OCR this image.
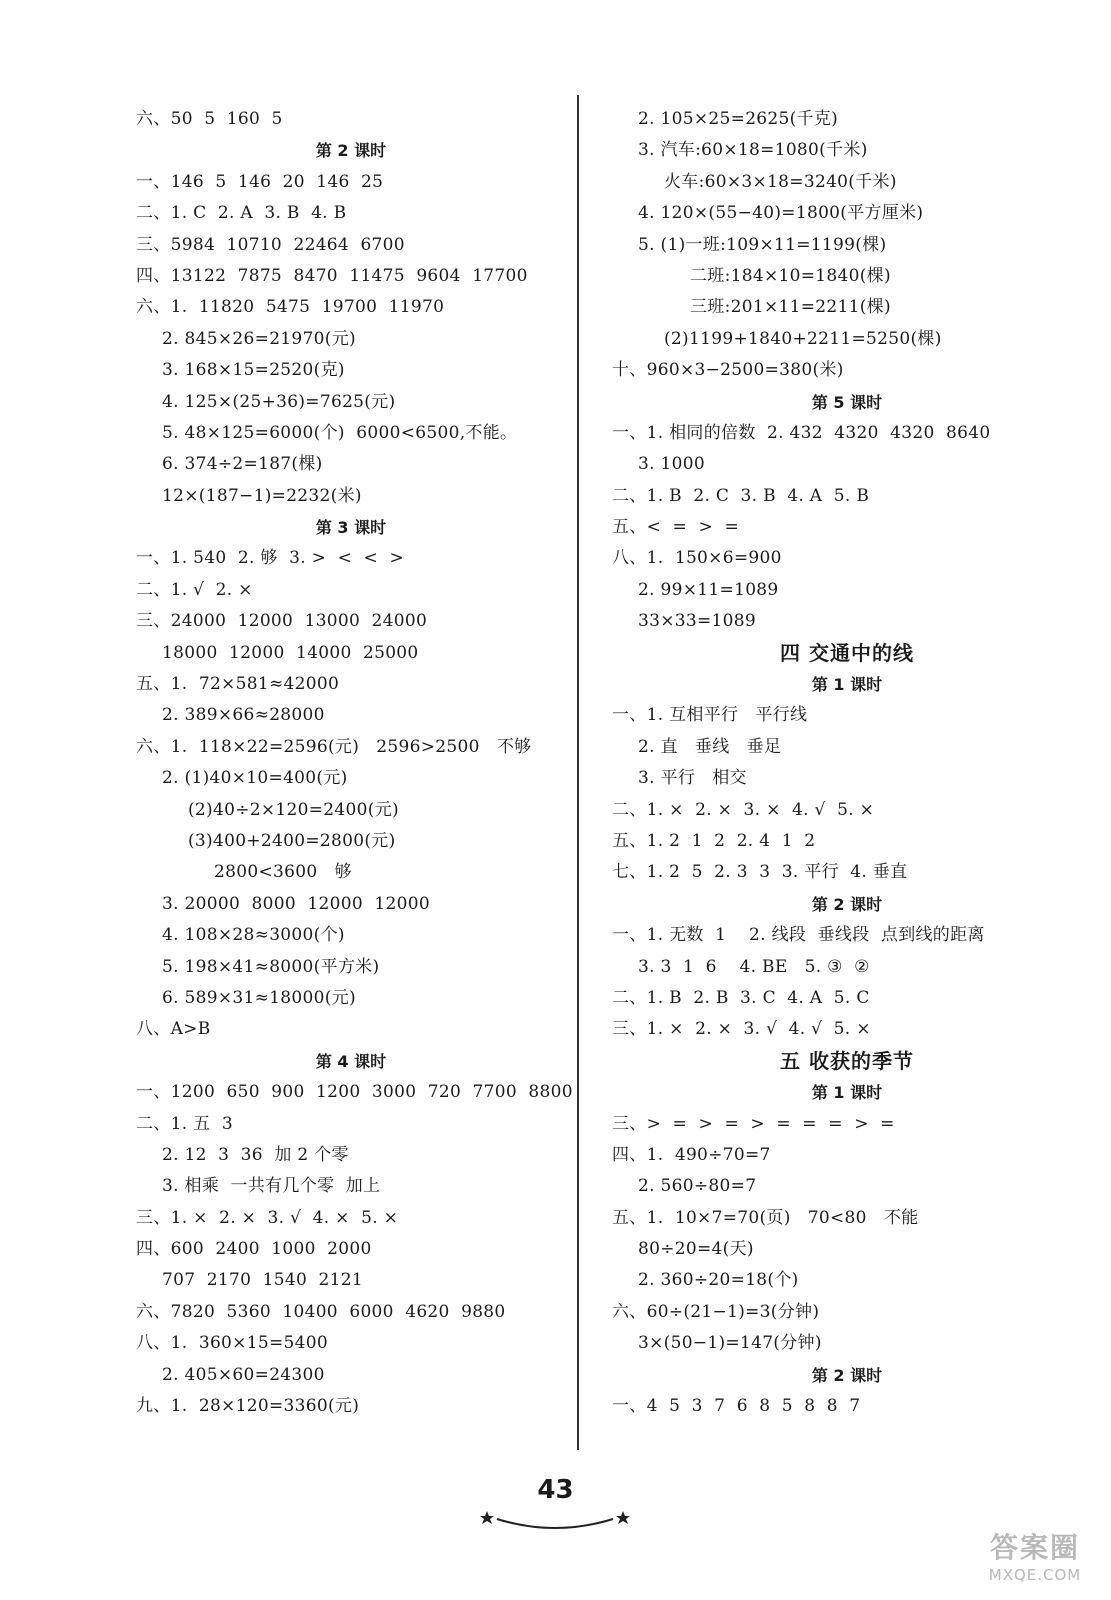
六、50  5  160  5
第 2 课时
一、146  5  146  20  146  25
二、1. C  2. A  3. B  4. B
三、5984  10710  22464  6700
四、13122  7875  8470  11475  9604  17700
六、1.  11820  5475  19700  11970
2. 845×26=21970(元)
3. 168×15=2520(克)
4. 125×(25+36)=7625(元)
5. 48×125=6000(个)  6000<6500,不能。
6. 374÷2=187(棵)
12×(187−1)=2232(米)
第 3 课时
一、1. 540  2. 够  3. >  <  <  >
二、1. √  2. ×
三、24000  12000  13000  24000
18000  12000  14000  25000
五、1.  72×581≈42000
2. 389×66≈28000
六、1.  118×22=2596(元)   2596>2500   不够
2. (1)40×10=400(元)
(2)40÷2×120=2400(元)
(3)400+2400=2800(元)
2800<3600   够
3. 20000  8000  12000  12000
4. 108×28≈3000(个)
5. 198×41≈8000(平方米)
6. 589×31≈18000(元)
八、A>B
第 4 课时
一、1200  650  900  1200  3000  720  7700  8800
二、1. 五  3
2. 12  3  36  加 2 个零
3. 相乘  一共有几个零  加上
三、1. ×  2. ×  3. √  4. ×  5. ×
四、600  2400  1000  2000
707  2170  1540  2121
六、7820  5360  10400  6000  4620  9880
八、1.  360×15=5400
2. 405×60=24300
九、1.  28×120=3360(元)
2. 105×25=2625(千克)
3. 汽车:60×18=1080(千米)
火车:60×3×18=3240(千米)
4. 120×(55−40)=1800(平方厘米)
5. (1)一班:109×11=1199(棵)
二班:184×10=1840(棵)
三班:201×11=2211(棵)
(2)1199+1840+2211=5250(棵)
十、960×3−2500=380(米)
第 5 课时
一、1. 相同的倍数  2. 432  4320  4320  8640
3. 1000
二、1. B  2. C  3. B  4. A  5. B
五、<  =  >  =
八、1.  150×6=900
2. 99×11=1089
33×33=1089
四 交通中的线
第 1 课时
一、1. 互相平行   平行线
2. 直   垂线   垂足
3. 平行   相交
二、1. ×  2. ×  3. ×  4. √  5. ×
五、1. 2  1  2  2. 4  1  2
七、1. 2  5  2. 3  3  3. 平行  4. 垂直
第 2 课时
一、1. 无数  1    2. 线段  垂线段  点到线的距离
3. 3  1  6    4. BE   5. ③  ②
二、1. B  2. B  3. C  4. A  5. C
三、1. ×  2. ×  3. √  4. √  5. ×
五 收获的季节
第 1 课时
三、>  =  >  =  >  =  =  =  >  =
四、1.  490÷70=7
2. 560÷80=7
五、1.  10×7=70(页)   70<80   不能
80÷20=4(天)
2. 360÷20=18(个)
六、60÷(21−1)=3(分钟)
3×(50−1)=147(分钟)
第 2 课时
一、4  5  3  7  6  8  5  8  8  7
43
答案圈
MXQE.COM
